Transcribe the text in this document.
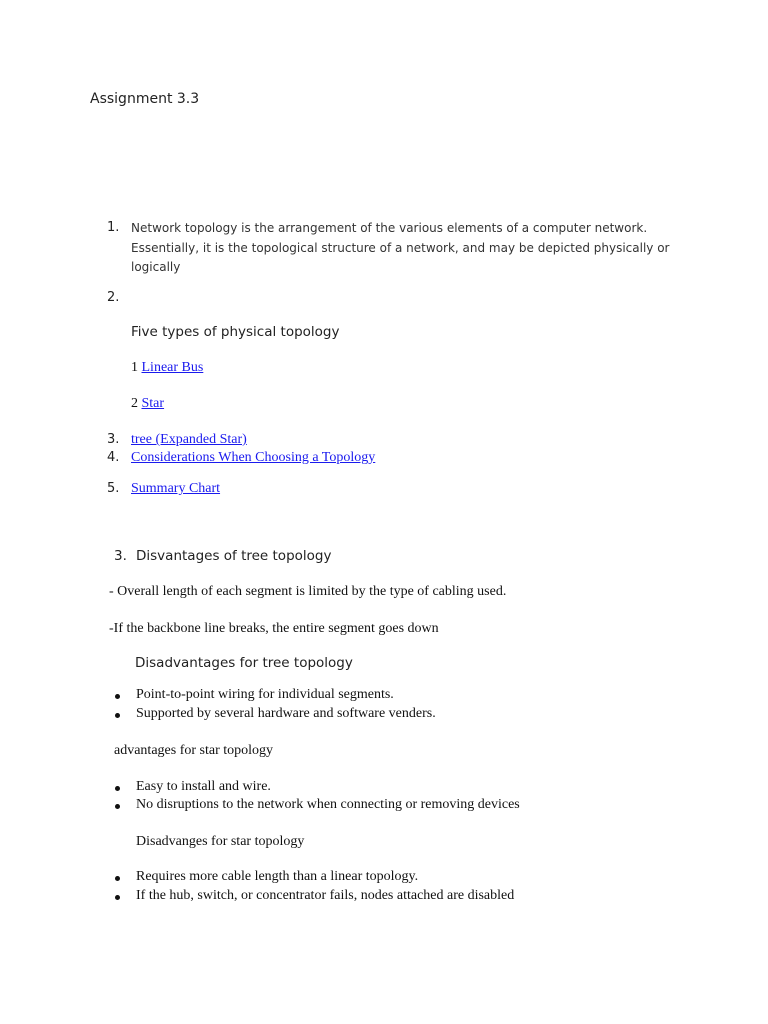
Assignment 3.3
1. Network topology is the arrangement of the various elements of a computer network. Essentially, it is the topological structure of a network, and may be depicted physically or logically
2.
Five types of physical topology
1 Linear Bus
2 Star
3. tree (Expanded Star)
4. Considerations When Choosing a Topology
5. Summary Chart
3. Disvantages of tree topology
- Overall length of each segment is limited by the type of cabling used.
-If the backbone line breaks, the entire segment goes down
Disadvantages for tree topology
Point-to-point wiring for individual segments.
Supported by several hardware and software venders.
advantages for star topology
Easy to install and wire.
No disruptions to the network when connecting or removing devices
Disadvanges for star topology
Requires more cable length than a linear topology.
If the hub, switch, or concentrator fails, nodes attached are disabled
